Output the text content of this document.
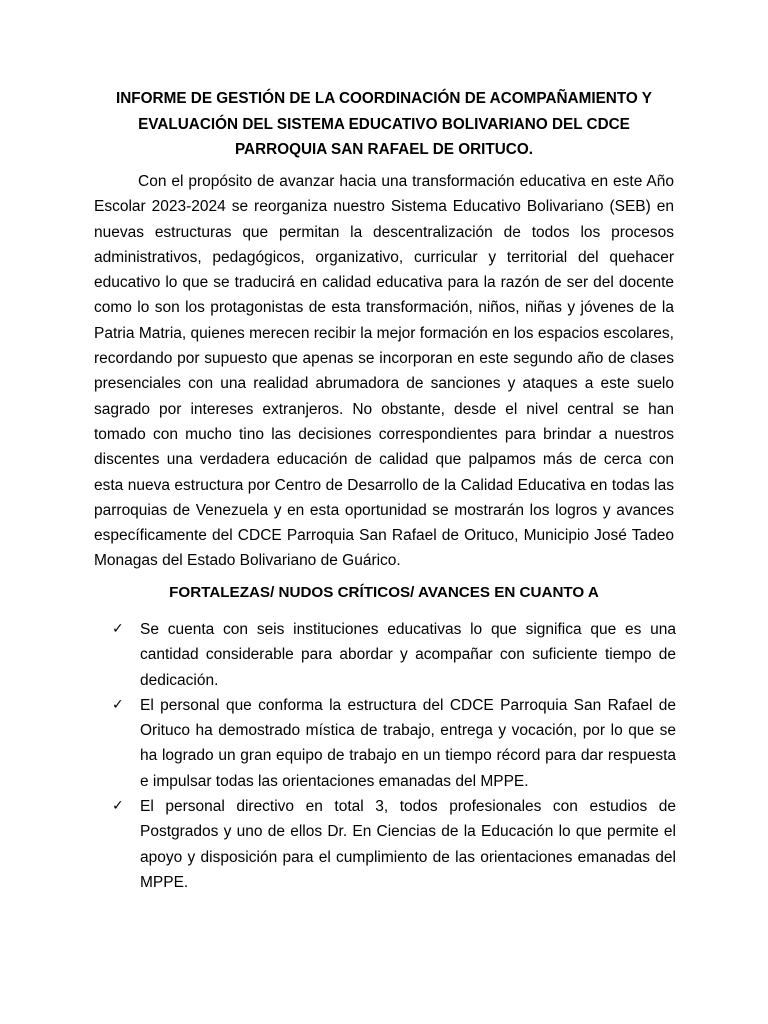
INFORME DE GESTIÓN DE LA COORDINACIÓN DE ACOMPAÑAMIENTO Y
EVALUACIÓN DEL SISTEMA EDUCATIVO BOLIVARIANO DEL CDCE
PARROQUIA SAN RAFAEL DE ORITUCO.

Con el propósito de avanzar hacia una transformación educativa en este Año Escolar 2023-2024 se reorganiza nuestro Sistema Educativo Bolivariano (SEB) en nuevas estructuras que permitan la descentralización de todos los procesos administrativos, pedagógicos, organizativo, curricular y territorial del quehacer educativo lo que se traducirá en calidad educativa para la razón de ser del docente como lo son los protagonistas de esta transformación, niños, niñas y jóvenes de la Patria Matria, quienes merecen recibir la mejor formación en los espacios escolares, recordando por supuesto que apenas se incorporan en este segundo año de clases presenciales con una realidad abrumadora de sanciones y ataques a este suelo sagrado por intereses extranjeros. No obstante, desde el nivel central se han tomado con mucho tino las decisiones correspondientes para brindar a nuestros discentes una verdadera educación de calidad que palpamos más de cerca con esta nueva estructura por Centro de Desarrollo de la Calidad Educativa en todas las parroquias de Venezuela y en esta oportunidad se mostrarán los logros y avances específicamente del CDCE Parroquia San Rafael de Orituco, Municipio José Tadeo Monagas del Estado Bolivariano de Guárico.

FORTALEZAS/ NUDOS CRÍTICOS/ AVANCES EN CUANTO A
✓ Se cuenta con seis instituciones educativas lo que significa que es una cantidad considerable para abordar y acompañar con suficiente tiempo de dedicación.
✓ El personal que conforma la estructura del CDCE Parroquia San Rafael de Orituco ha demostrado mística de trabajo, entrega y vocación, por lo que se ha logrado un gran equipo de trabajo en un tiempo récord para dar respuesta e impulsar todas las orientaciones emanadas del MPPE.
✓ El personal directivo en total 3, todos profesionales con estudios de Postgrados y uno de ellos Dr. En Ciencias de la Educación lo que permite el apoyo y disposición para el cumplimiento de las orientaciones emanadas del MPPE.
